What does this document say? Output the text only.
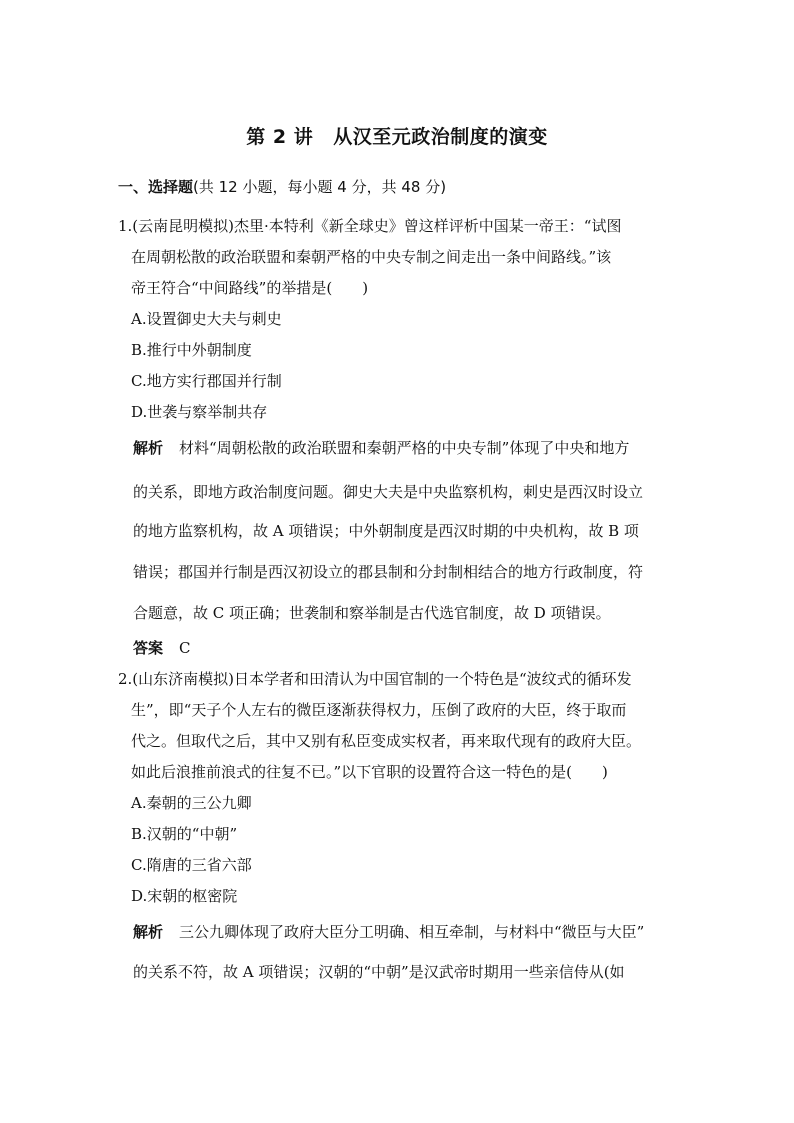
第 2 讲 从汉至元政治制度的演变
一、选择题(共 12 小题，每小题 4 分，共 48 分)
1.(云南昆明模拟)杰里·本特利《新全球史》曾这样评析中国某一帝王：“试图
在周朝松散的政治联盟和秦朝严格的中央专制之间走出一条中间路线。”该
帝王符合“中间路线”的举措是(　　)
A.设置御史大夫与刺史
B.推行中外朝制度
C.地方实行郡国并行制
D.世袭与察举制共存
解析 材料“周朝松散的政治联盟和秦朝严格的中央专制”体现了中央和地方
的关系，即地方政治制度问题。御史大夫是中央监察机构，刺史是西汉时设立
的地方监察机构，故 A 项错误；中外朝制度是西汉时期的中央机构，故 B 项
错误；郡国并行制是西汉初设立的郡县制和分封制相结合的地方行政制度，符
合题意，故 C 项正确；世袭制和察举制是古代选官制度，故 D 项错误。
答案 C
2.(山东济南模拟)日本学者和田清认为中国官制的一个特色是“波纹式的循环发
生”，即“天子个人左右的微臣逐渐获得权力，压倒了政府的大臣，终于取而
代之。但取代之后，其中又别有私臣变成实权者，再来取代现有的政府大臣。
如此后浪推前浪式的往复不已。”以下官职的设置符合这一特色的是(　　)
A.秦朝的三公九卿
B.汉朝的“中朝”
C.隋唐的三省六部
D.宋朝的枢密院
解析 三公九卿体现了政府大臣分工明确、相互牵制，与材料中“微臣与大臣”
的关系不符，故 A 项错误；汉朝的“中朝”是汉武帝时期用一些亲信侍从(如
